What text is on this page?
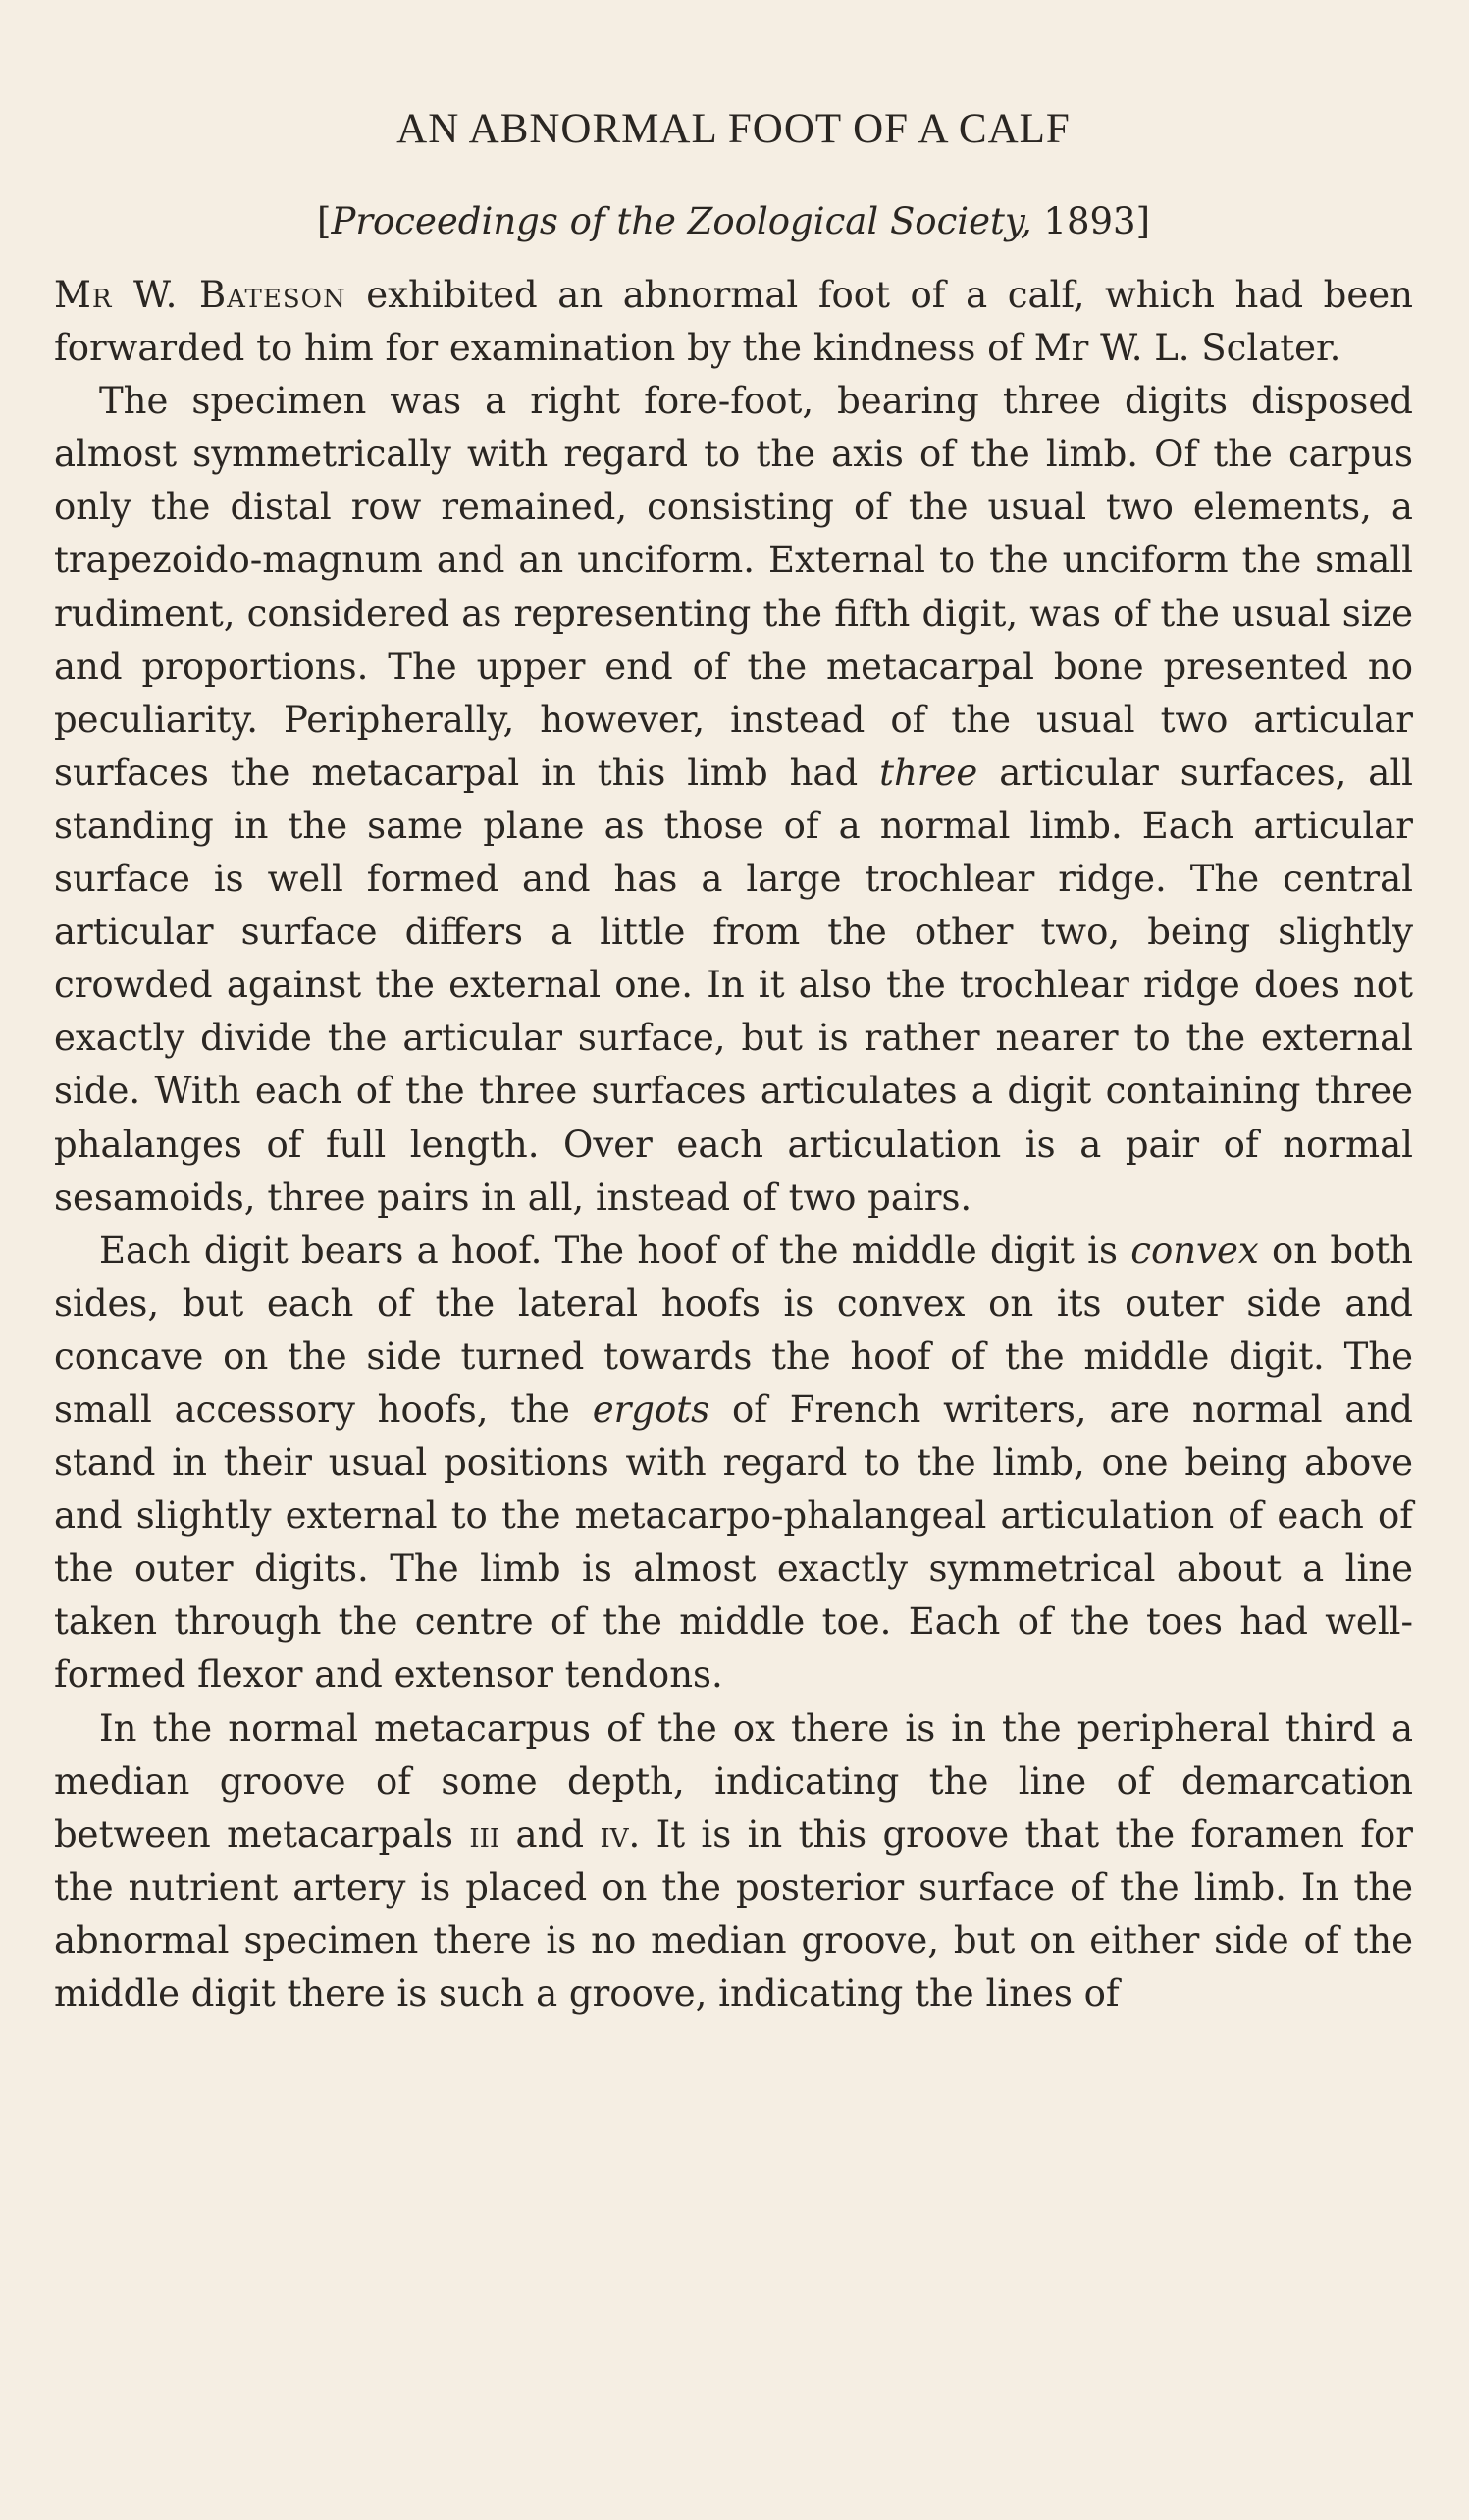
AN ABNORMAL FOOT OF A CALF
[Proceedings of the Zoological Society, 1893]

Mr W. Bateson exhibited an abnormal foot of a calf, which had been forwarded to him for examination by the kindness of Mr W. L. Sclater.

The specimen was a right fore-foot, bearing three digits disposed almost symmetrically with regard to the axis of the limb. Of the carpus only the distal row remained, consisting of the usual two elements, a trapezoido-magnum and an unciform. External to the unciform the small rudiment, considered as representing the fifth digit, was of the usual size and proportions. The upper end of the metacarpal bone presented no peculiarity. Peripherally, however, instead of the usual two articular surfaces the metacarpal in this limb had three articular surfaces, all standing in the same plane as those of a normal limb. Each articular surface is well formed and has a large trochlear ridge. The central articular surface differs a little from the other two, being slightly crowded against the external one. In it also the trochlear ridge does not exactly divide the articular surface, but is rather nearer to the external side. With each of the three surfaces articulates a digit containing three phalanges of full length. Over each articulation is a pair of normal sesamoids, three pairs in all, instead of two pairs.

Each digit bears a hoof. The hoof of the middle digit is convex on both sides, but each of the lateral hoofs is convex on its outer side and concave on the side turned towards the hoof of the middle digit. The small accessory hoofs, the ergots of French writers, are normal and stand in their usual positions with regard to the limb, one being above and slightly external to the metacarpo-phalangeal articulation of each of the outer digits. The limb is almost exactly symmetrical about a line taken through the centre of the middle toe. Each of the toes had well-formed flexor and extensor tendons.

In the normal metacarpus of the ox there is in the peripheral third a median groove of some depth, indicating the line of demarcation between metacarpals iii and iv. It is in this groove that the foramen for the nutrient artery is placed on the posterior surface of the limb. In the abnormal specimen there is no median groove, but on either side of the middle digit there is such a groove, indicating the lines of
